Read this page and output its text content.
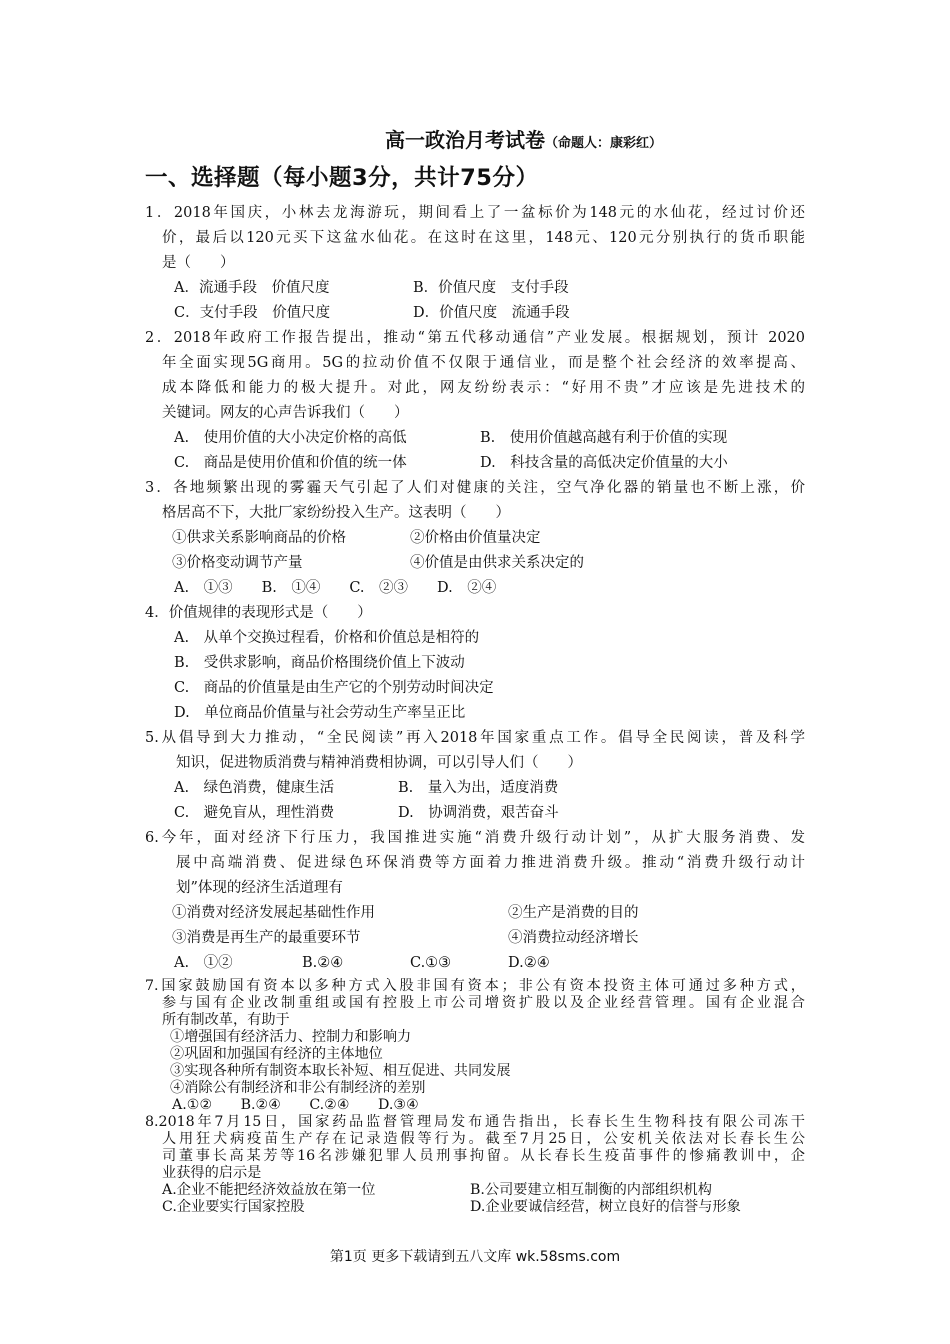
高一政治月考试卷（命题人：康彩红）
一、选择题（每小题3分，共计75分）
1．2018年国庆，小林去龙海游玩，期间看上了一盆标价为148元的水仙花，经过讨价还
价，最后以120元买下这盆水仙花。在这时在这里，148元、120元分别执行的货币职能
是（　　）
A．流通手段　价值尺度	B．价值尺度　支付手段
C．支付手段　价值尺度	D．价值尺度　流通手段
2．2018年政府工作报告提出，推动“第五代移动通信”产业发展。根据规划，预计 2020
年全面实现5G商用。5G的拉动价值不仅限于通信业，而是整个社会经济的效率提高、
成本降低和能力的极大提升。对此，网友纷纷表示：“好用不贵”才应该是先进技术的
关键词。网友的心声告诉我们（　　）
A.　使用价值的大小决定价格的高低	B.　使用价值越高越有利于价值的实现
C.　商品是使用价值和价值的统一体	D.　科技含量的高低决定价值量的大小
3．各地频繁出现的雾霾天气引起了人们对健康的关注，空气净化器的销量也不断上涨，价
格居高不下，大批厂家纷纷投入生产。这表明（　　）
①供求关系影响商品的价格	②价格由价值量决定
③价格变动调节产量	④价值是由供求关系决定的
A.　①③　　B.　①④　　C.　②③　　D.　②④
4．价值规律的表现形式是（　　）
A.　从单个交换过程看，价格和价值总是相符的
B.　受供求影响，商品价格围绕价值上下波动
C.　商品的价值量是由生产它的个别劳动时间决定
D.　单位商品价值量与社会劳动生产率呈正比
5.从倡导到大力推动，“全民阅读”再入2018年国家重点工作。倡导全民阅读，普及科学
知识，促进物质消费与精神消费相协调，可以引导人们（　　）
A.　绿色消费，健康生活	B.　量入为出，适度消费
C.　避免盲从，理性消费	D.　协调消费，艰苦奋斗
6.今年，面对经济下行压力，我国推进实施“消费升级行动计划”，从扩大服务消费、发
展中高端消费、促进绿色环保消费等方面着力推进消费升级。推动“消费升级行动计
划”体现的经济生活道理有
①消费对经济发展起基础性作用	②生产是消费的目的
③消费是再生产的最重要环节	④消费拉动经济增长
A.　①②	B.②④	C.①③	D.②④
7.国家鼓励国有资本以多种方式入股非国有资本；非公有资本投资主体可通过多种方式，
参与国有企业改制重组或国有控股上市公司增资扩股以及企业经营管理。国有企业混合
所有制改革，有助于
①增强国有经济活力、控制力和影响力
②巩固和加强国有经济的主体地位
③实现各种所有制资本取长补短、相互促进、共同发展
④消除公有制经济和非公有制经济的差别
A.①②　　B.②④　　C.②④　　D.③④
8.2018年7月15日，国家药品监督管理局发布通告指出，长春长生生物科技有限公司冻干
人用狂犬病疫苗生产存在记录造假等行为。截至7月25日，公安机关依法对长春长生公
司董事长高某芳等16名涉嫌犯罪人员刑事拘留。从长春长生疫苗事件的惨痛教训中，企
业获得的启示是
A.企业不能把经济效益放在第一位	B.公司要建立相互制衡的内部组织机构
C.企业要实行国家控股	D.企业要诚信经营，树立良好的信誉与形象
第1页 更多下载请到五八文库 wk.58sms.com
